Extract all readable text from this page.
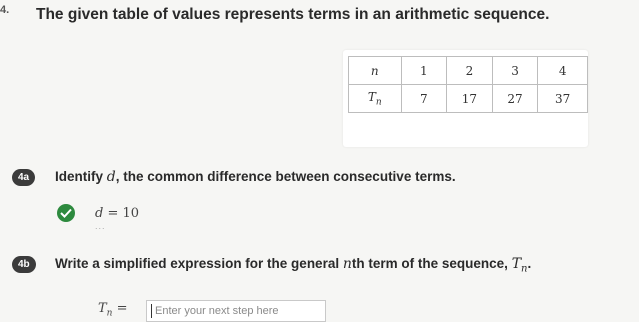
4. The given table of values represents terms in an arithmetic sequence.
n	1	2	3	4
$T_n$	7	17	27	37
4a	Identify d, the common difference between consecutive terms.
d = 10
...
4b	Write a simplified expression for the general nth term of the sequence, $T_n$.
$T_n$ =
Enter your next step here
